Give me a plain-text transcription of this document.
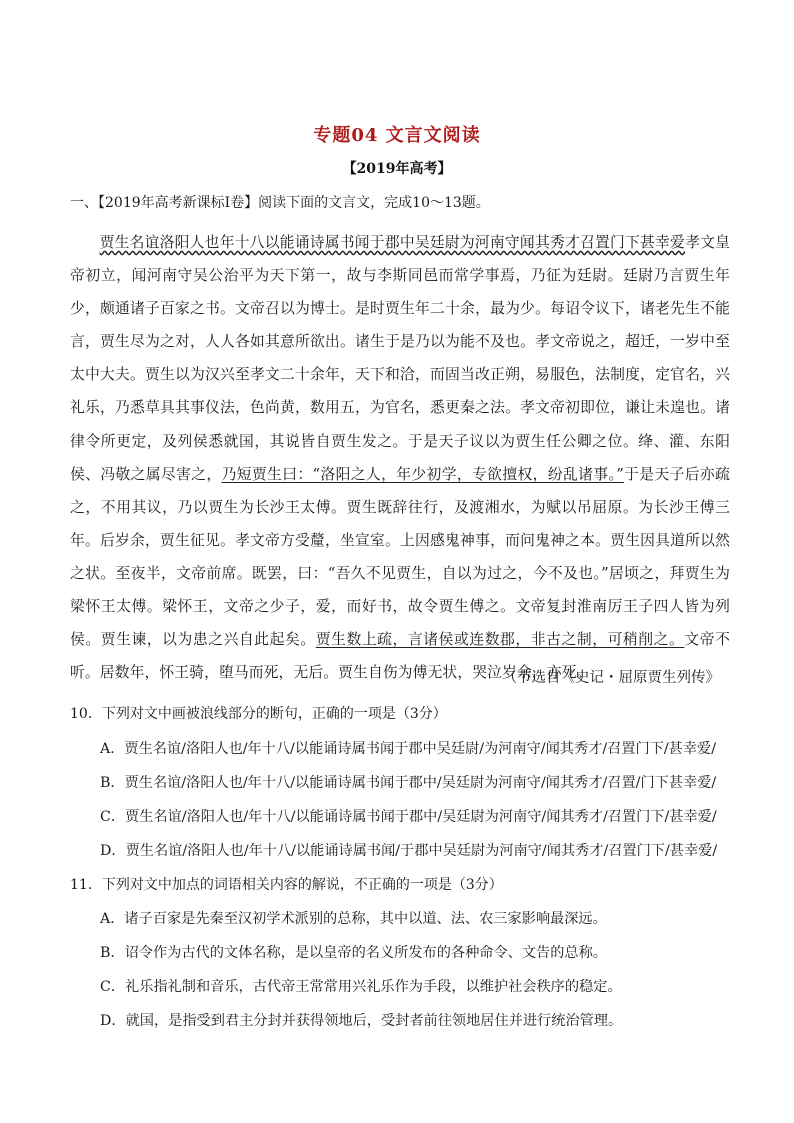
专题04 文言文阅读
【2019年高考】
一、【2019年高考新课标Ⅰ卷】阅读下面的文言文，完成10～13题。

贾生名谊洛阳人也年十八以能诵诗属书闻于郡中吴廷尉为河南守闻其秀才召置门下甚幸爱孝文皇帝初立，闻河南守吴公治平为天下第一，故与李斯同邑而常学事焉，乃征为廷尉。廷尉乃言贾生年少，颇通诸子百家之书。文帝召以为博士。是时贾生年二十余，最为少。每诏令议下，诸老先生不能言，贾生尽为之对，人人各如其意所欲出。诸生于是乃以为能不及也。孝文帝说之，超迁，一岁中至太中大夫。贾生以为汉兴至孝文二十余年，天下和洽，而固当改正朔，易服色，法制度，定官名，兴礼乐，乃悉草具其事仪法，色尚黄，数用五，为官名，悉更秦之法。孝文帝初即位，谦让未遑也。诸律令所更定，及列侯悉就国，其说皆自贾生发之。于是天子议以为贾生任公卿之位。绛、灌、东阳侯、冯敬之属尽害之，乃短贾生曰：“洛阳之人，年少初学，专欲擅权，纷乱诸事。”于是天子后亦疏之，不用其议，乃以贾生为长沙王太傅。贾生既辞往行，及渡湘水，为赋以吊屈原。为长沙王傅三年。后岁余，贾生征见。孝文帝方受釐，坐宣室。上因感鬼神事，而问鬼神之本。贾生因具道所以然之状。至夜半，文帝前席。既罢，曰：“吾久不见贾生，自以为过之，今不及也。”居顷之，拜贾生为梁怀王太傅。梁怀王，文帝之少子，爱，而好书，故令贾生傅之。文帝复封淮南厉王子四人皆为列侯。贾生谏，以为患之兴自此起矣。贾生数上疏，言诸侯或连数郡，非古之制，可稍削之。文帝不听。居数年，怀王骑，堕马而死，无后。贾生自伤为傅无状，哭泣岁余，亦死。

（节选自《史记・屈原贾生列传》
10．下列对文中画被浪线部分的断句，正确的一项是（3分）
A．贾生名谊/洛阳人也/年十八/以能诵诗属书闻于郡中吴廷尉/为河南守/闻其秀才/召置门下/甚幸爱/
B．贾生名谊/洛阳人也/年十八/以能诵诗属书闻于郡中/吴廷尉为河南守/闻其秀才/召置/门下甚幸爱/
C．贾生名谊/洛阳人也/年十八/以能诵诗属书闻于郡中/吴廷尉为河南守/闻其秀才/召置门下/甚幸爱/
D．贾生名谊/洛阳人也/年十八/以能诵诗属书闻/于郡中吴廷尉为河南守/闻其秀才/召置门下/甚幸爱/
11．下列对文中加点的词语相关内容的解说，不正确的一项是（3分）
A．诸子百家是先秦至汉初学术派别的总称，其中以道、法、农三家影响最深远。
B．诏令作为古代的文体名称，是以皇帝的名义所发布的各种命令、文告的总称。
C．礼乐指礼制和音乐，古代帝王常常用兴礼乐作为手段，以维护社会秩序的稳定。
D．就国，是指受到君主分封并获得领地后，受封者前往领地居住并进行统治管理。
